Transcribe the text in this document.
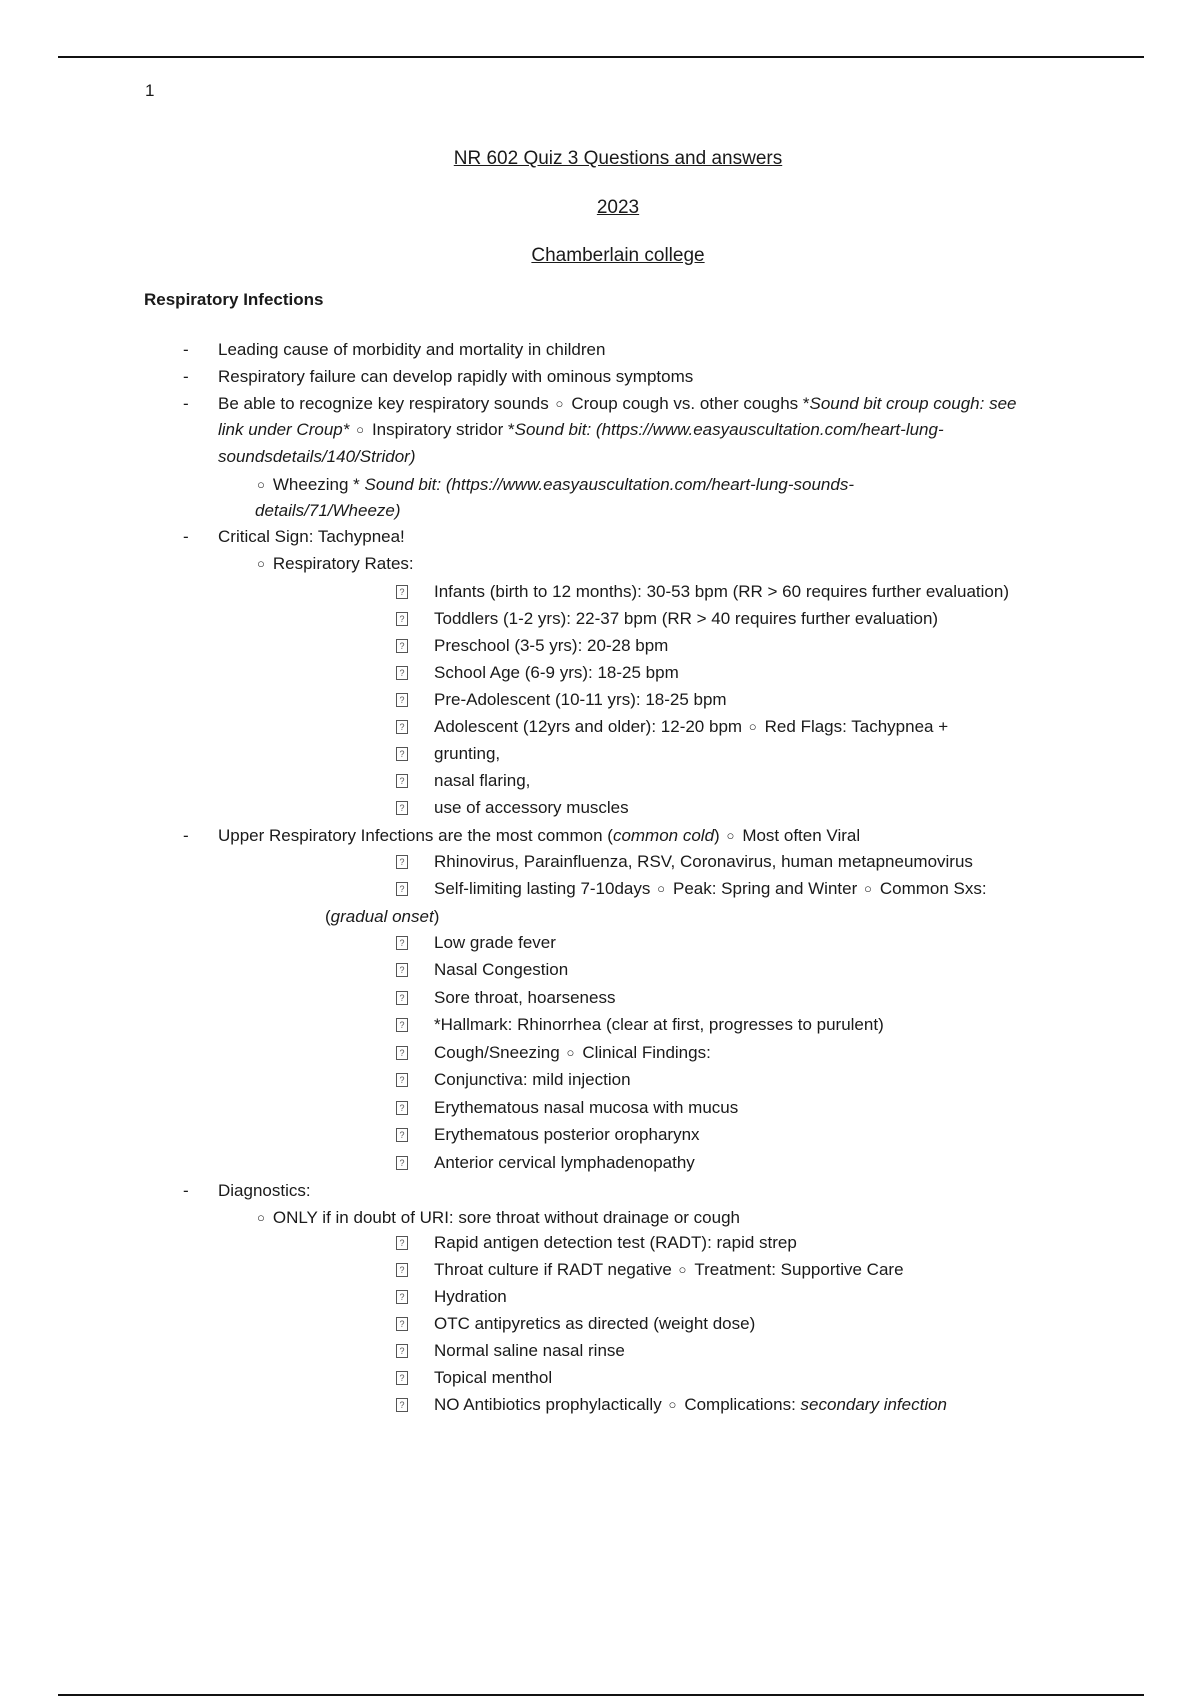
1
NR 602 Quiz 3 Questions and answers
2023
Chamberlain college
Respiratory Infections
-
-
-
-
-
-
Leading cause of morbidity and mortality in children
Respiratory failure can develop rapidly with ominous symptoms
Be able to recognize key respiratory sounds ○ Croup cough vs. other coughs *Sound bit croup cough: see
link under Croup* ○ Inspiratory stridor *Sound bit: (https://www.easyauscultation.com/heart-lung-
soundsdetails/140/Stridor)
○ Wheezing * Sound bit: (https://www.easyauscultation.com/heart-lung-sounds-
details/71/Wheeze)
Critical Sign: Tachypnea!
○ Respiratory Rates:
?
?
?
?
?
?
?
?
?
?
?
?
?
?
?
?
?
?
?
?
?
?
?
?
?
?
?
Infants (birth to 12 months): 30-53 bpm (RR > 60 requires further evaluation)
Toddlers (1-2 yrs): 22-37 bpm (RR > 40 requires further evaluation)
Preschool (3-5 yrs): 20-28 bpm
School Age (6-9 yrs): 18-25 bpm
Pre-Adolescent (10-11 yrs): 18-25 bpm
Adolescent (12yrs and older): 12-20 bpm ○ Red Flags: Tachypnea +
grunting,
nasal flaring,
use of accessory muscles
Upper Respiratory Infections are the most common (common cold) ○ Most often Viral
Rhinovirus, Parainfluenza, RSV, Coronavirus, human metapneumovirus
Self-limiting lasting 7-10days ○ Peak: Spring and Winter ○ Common Sxs:
(gradual onset)
Low grade fever
Nasal Congestion
Sore throat, hoarseness
*Hallmark: Rhinorrhea (clear at first, progresses to purulent)
Cough/Sneezing ○ Clinical Findings:
Conjunctiva: mild injection
Erythematous nasal mucosa with mucus
Erythematous posterior oropharynx
Anterior cervical lymphadenopathy
Diagnostics:
○ ONLY if in doubt of URI: sore throat without drainage or cough
Rapid antigen detection test (RADT): rapid strep
Throat culture if RADT negative ○ Treatment: Supportive Care
Hydration
OTC antipyretics as directed (weight dose)
Normal saline nasal rinse
Topical menthol
NO Antibiotics prophylactically ○ Complications: secondary infection
